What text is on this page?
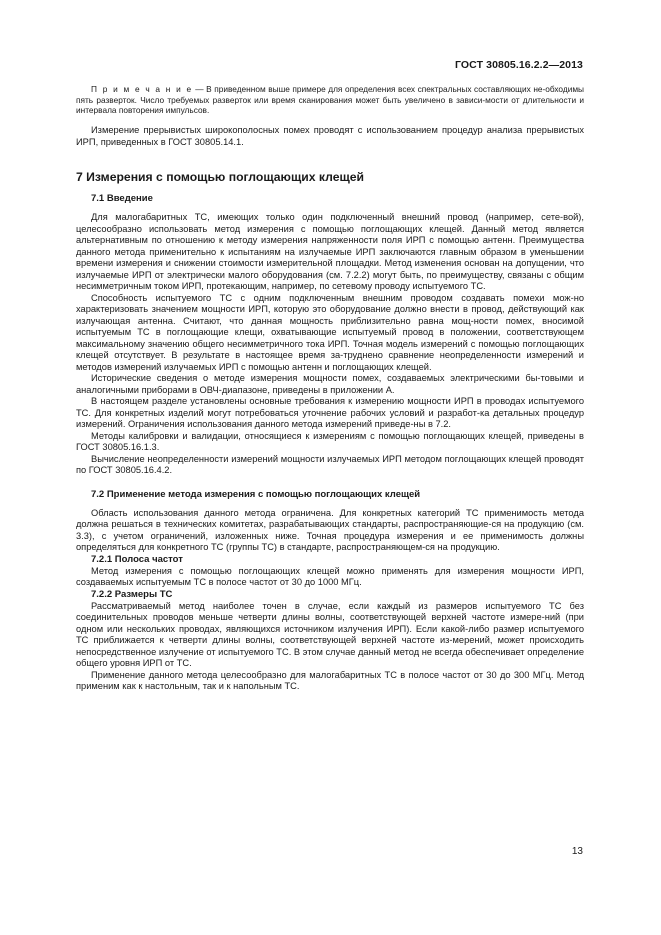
ГОСТ 30805.16.2.2—2013

П р и м е ч а н и е — В приведенном выше примере для определения всех спектральных составляющих не-обходимы пять разверток. Число требуемых разверток или время сканирования может быть увеличено в зависи-мости от длительности и интервала повторения импульсов.

Измерение прерывистых широкополосных помех проводят с использованием процедур анализа прерывистых ИРП, приведенных в ГОСТ 30805.14.1.

7 Измерения с помощью поглощающих клещей
7.1 Введение

Для малогабаритных ТС, имеющих только один подключенный внешний провод (например, сете-вой), целесообразно использовать метод измерения с помощью поглощающих клещей. Данный метод является альтернативным по отношению к методу измерения напряженности поля ИРП с помощью антенн. Преимущества данного метода применительно к испытаниям на излучаемые ИРП заключаются главным образом в уменьшении времени измерения и снижении стоимости измерительной площадки. Метод изменения основан на допущении, что излучаемые ИРП от электрически малого оборудования (см. 7.2.2) могут быть, по преимуществу, связаны с общим несимметричным током ИРП, протекающим, например, по сетевому проводу испытуемого ТС.

Способность испытуемого ТС с одним подключенным внешним проводом создавать помехи мож-но характеризовать значением мощности ИРП, которую это оборудование должно внести в провод, действующий как излучающая антенна. Считают, что данная мощность приблизительно равна мощ-ности помех, вносимой испытуемым ТС в поглощающие клещи, охватывающие испытуемый провод в положении, соответствующем максимальному значению общего несимметричного тока ИРП. Точная модель измерений с помощью поглощающих клещей отсутствует. В результате в настоящее время за-труднено сравнение неопределенности измерений и методов измерений излучаемых ИРП с помощью антенн и поглощающих клещей.

Исторические сведения о методе измерения мощности помех, создаваемых электрическими бы-товыми и аналогичными приборами в ОВЧ-диапазоне, приведены в приложении А.

В настоящем разделе установлены основные требования к измерению мощности ИРП в проводах испытуемого ТС. Для конкретных изделий могут потребоваться уточнение рабочих условий и разработ-ка детальных процедур измерений. Ограничения использования данного метода измерений приведе-ны в 7.2.

Методы калибровки и валидации, относящиеся к измерениям с помощью поглощающих клещей, приведены в ГОСТ 30805.16.1.3.

Вычисление неопределенности измерений мощности излучаемых ИРП методом поглощающих клещей проводят по ГОСТ 30805.16.4.2.

7.2 Применение метода измерения с помощью поглощающих клещей

Область использования данного метода ограничена. Для конкретных категорий ТС применимость метода должна решаться в технических комитетах, разрабатывающих стандарты, распространяющие-ся на продукцию (см. 3.3), с учетом ограничений, изложенных ниже. Точная процедура измерения и ее применимость должны определяться для конкретного ТС (группы ТС) в стандарте, распространяющем-ся на продукцию.

7.2.1 Полоса частот

Метод измерения с помощью поглощающих клещей можно применять для измерения мощности ИРП, создаваемых испытуемым ТС в полосе частот от 30 до 1000 МГц.

7.2.2 Размеры ТС

Рассматриваемый метод наиболее точен в случае, если каждый из размеров испытуемого ТС без соединительных проводов меньше четверти длины волны, соответствующей верхней частоте измере-ний (при одном или нескольких проводах, являющихся источником излучения ИРП). Если какой-либо размер испытуемого ТС приближается к четверти длины волны, соответствующей верхней частоте из-мерений, может происходить непосредственное излучение от испытуемого ТС. В этом случае данный метод не всегда обеспечивает определение общего уровня ИРП от ТС.

Применение данного метода целесообразно для малогабаритных ТС в полосе частот от 30 до 300 МГц. Метод применим как к настольным, так и к напольным ТС.

13
